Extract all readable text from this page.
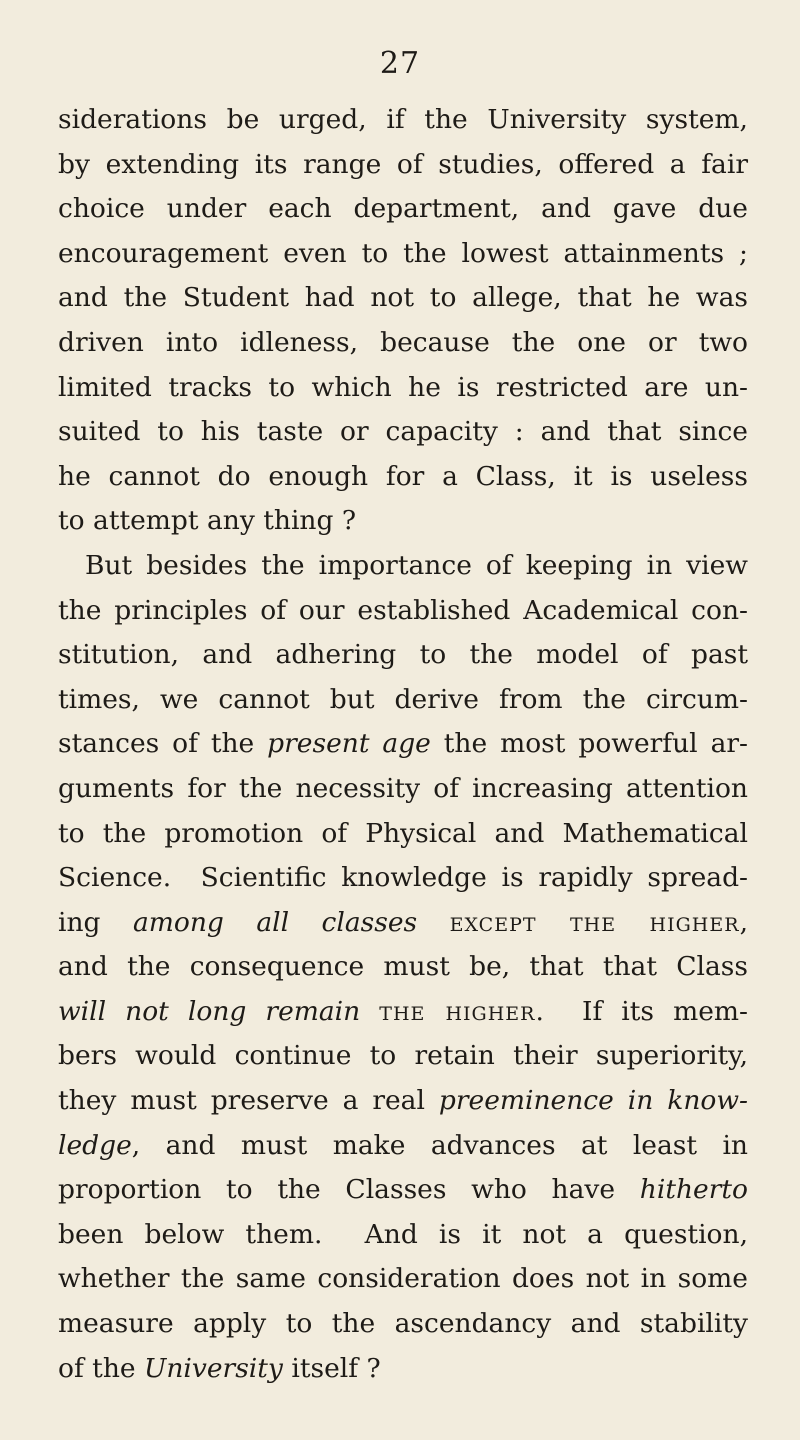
27
siderations be urged, if the University system,
by extending its range of studies, offered a fair
choice under each department, and gave due
encouragement even to the lowest attainments ;
and the Student had not to allege, that he was
driven into idleness, because the one or two
limited tracks to which he is restricted are un-
suited to his taste or capacity : and that since
he cannot do enough for a Class, it is useless
to attempt any thing ?
But besides the importance of keeping in view
the principles of our established Academical con-
stitution, and adhering to the model of past
times, we cannot but derive from the circum-
stances of the present age the most powerful ar-
guments for the necessity of increasing attention
to the promotion of Physical and Mathematical
Science.  Scientific knowledge is rapidly spread-
ing among all classes except the higher,
and the consequence must be, that that Class
will not long remain the higher.  If its mem-
bers would continue to retain their superiority,
they must preserve a real preeminence in know-
ledge, and must make advances at least in
proportion to the Classes who have hitherto
been below them.  And is it not a question,
whether the same consideration does not in some
measure apply to the ascendancy and stability
of the University itself ?
